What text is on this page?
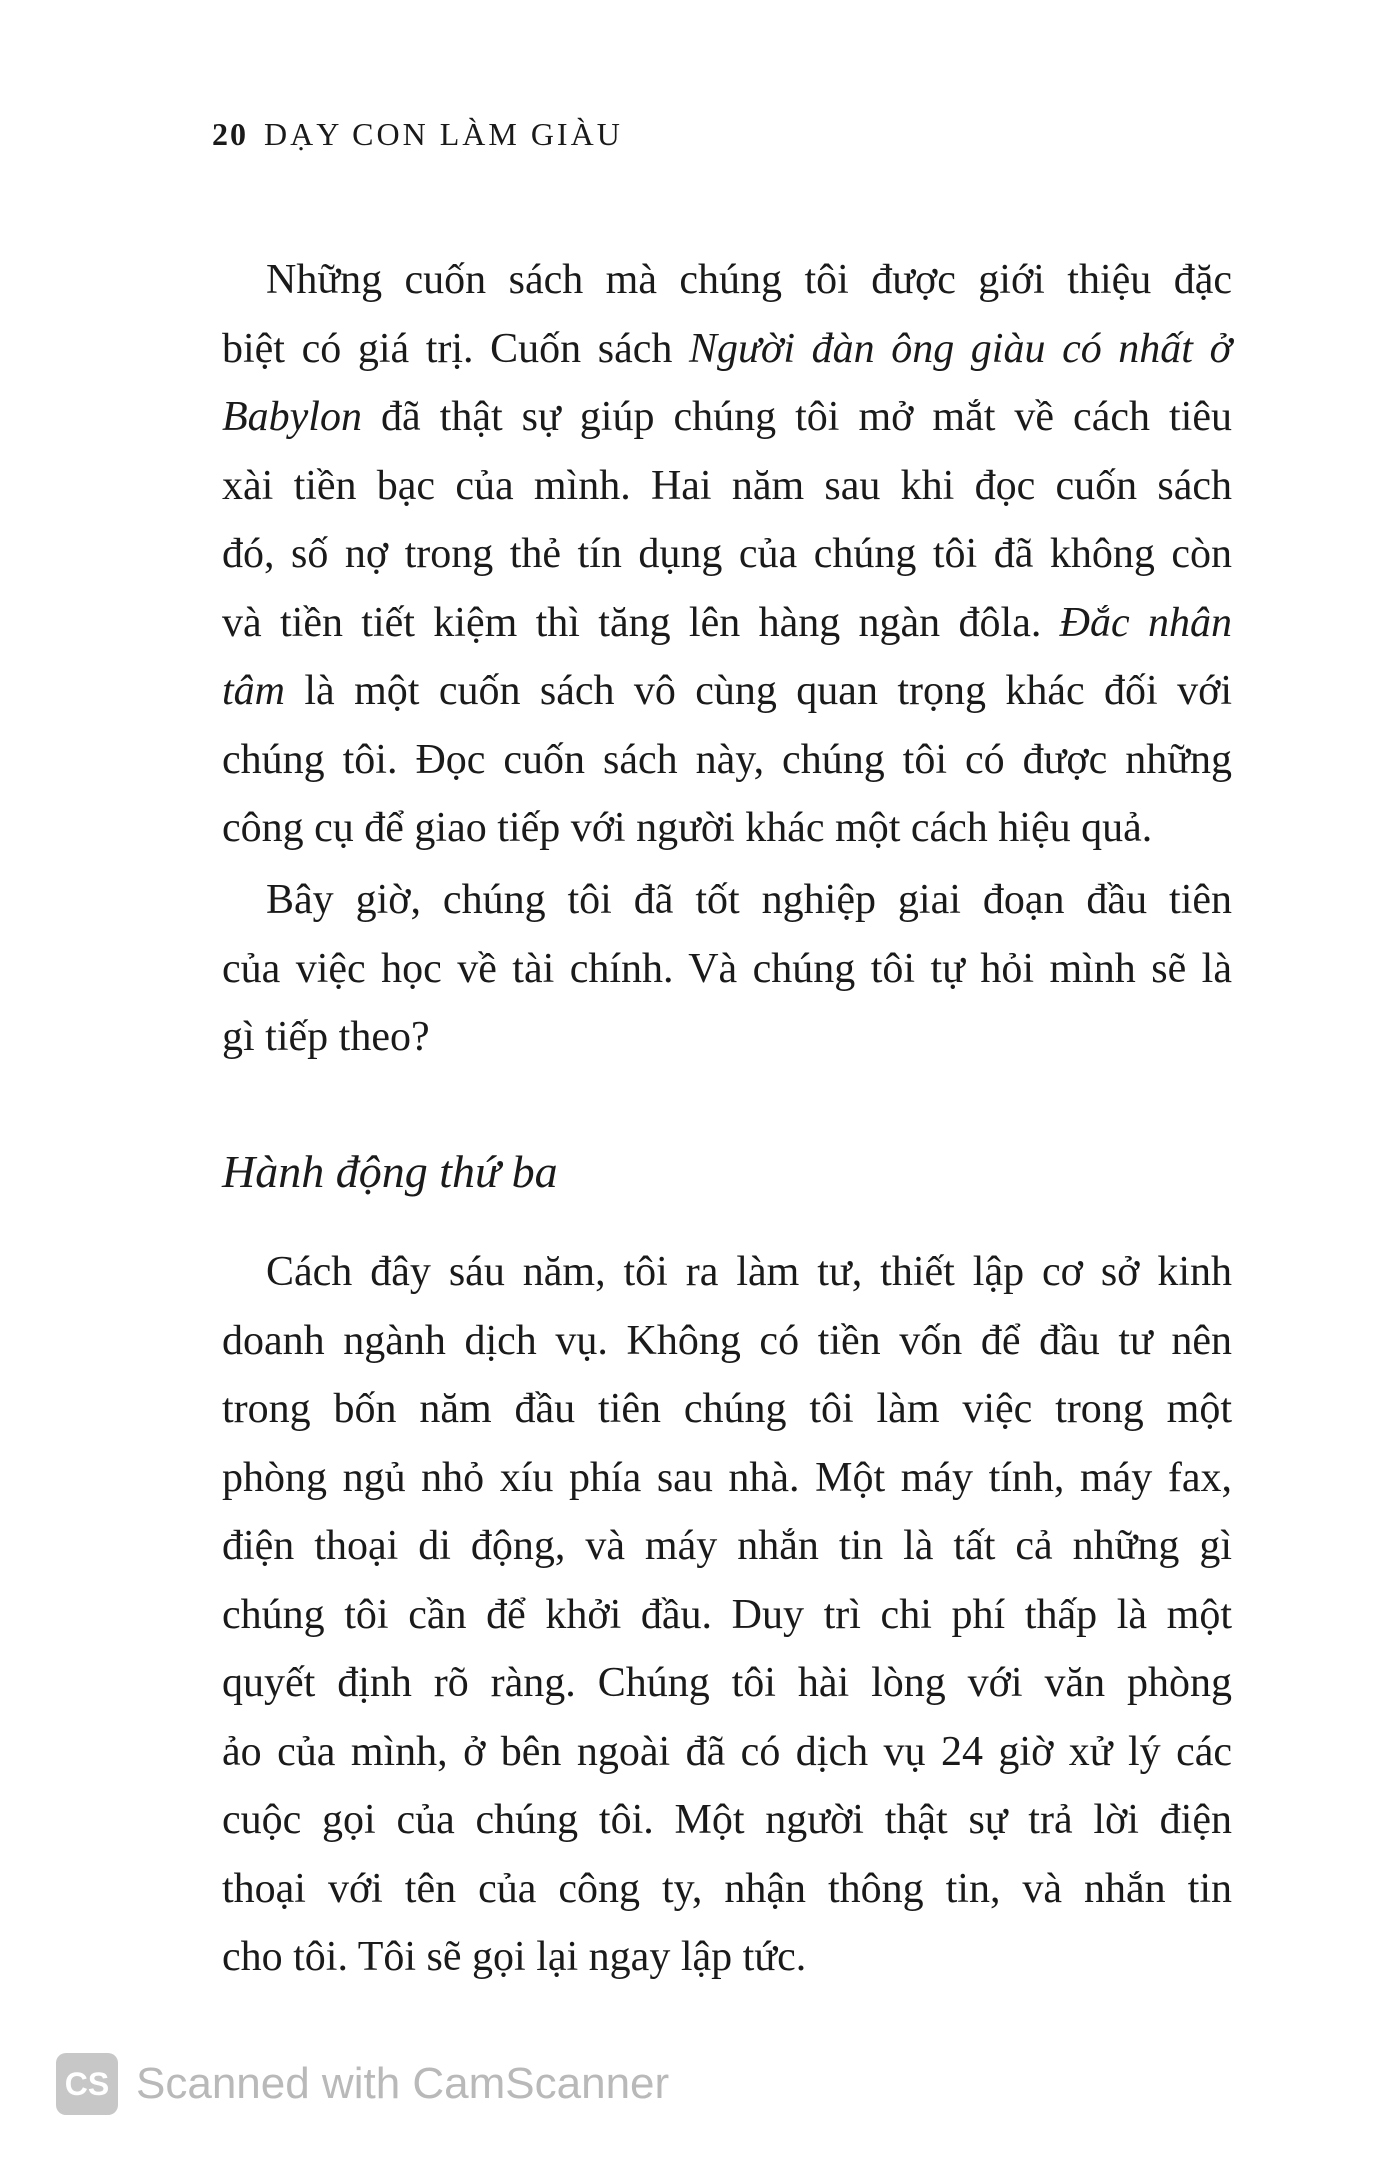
20 DẠY CON LÀM GIÀU

Những cuốn sách mà chúng tôi được giới thiệu đặc
biệt có giá trị. Cuốn sách Người đàn ông giàu có nhất ở
Babylon đã thật sự giúp chúng tôi mở mắt về cách tiêu
xài tiền bạc của mình. Hai năm sau khi đọc cuốn sách
đó, số nợ trong thẻ tín dụng của chúng tôi đã không còn
và tiền tiết kiệm thì tăng lên hàng ngàn đôla. Đắc nhân
tâm là một cuốn sách vô cùng quan trọng khác đối với
chúng tôi. Đọc cuốn sách này, chúng tôi có được những
công cụ để giao tiếp với người khác một cách hiệu quả.

Bây giờ, chúng tôi đã tốt nghiệp giai đoạn đầu tiên
của việc học về tài chính. Và chúng tôi tự hỏi mình sẽ là
gì tiếp theo?

Hành động thứ ba

Cách đây sáu năm, tôi ra làm tư, thiết lập cơ sở kinh
doanh ngành dịch vụ. Không có tiền vốn để đầu tư nên
trong bốn năm đầu tiên chúng tôi làm việc trong một
phòng ngủ nhỏ xíu phía sau nhà. Một máy tính, máy fax,
điện thoại di động, và máy nhắn tin là tất cả những gì
chúng tôi cần để khởi đầu. Duy trì chi phí thấp là một
quyết định rõ ràng. Chúng tôi hài lòng với văn phòng
ảo của mình, ở bên ngoài đã có dịch vụ 24 giờ xử lý các
cuộc gọi của chúng tôi. Một người thật sự trả lời điện
thoại với tên của công ty, nhận thông tin, và nhắn tin
cho tôi. Tôi sẽ gọi lại ngay lập tức.

CS Scanned with CamScanner
